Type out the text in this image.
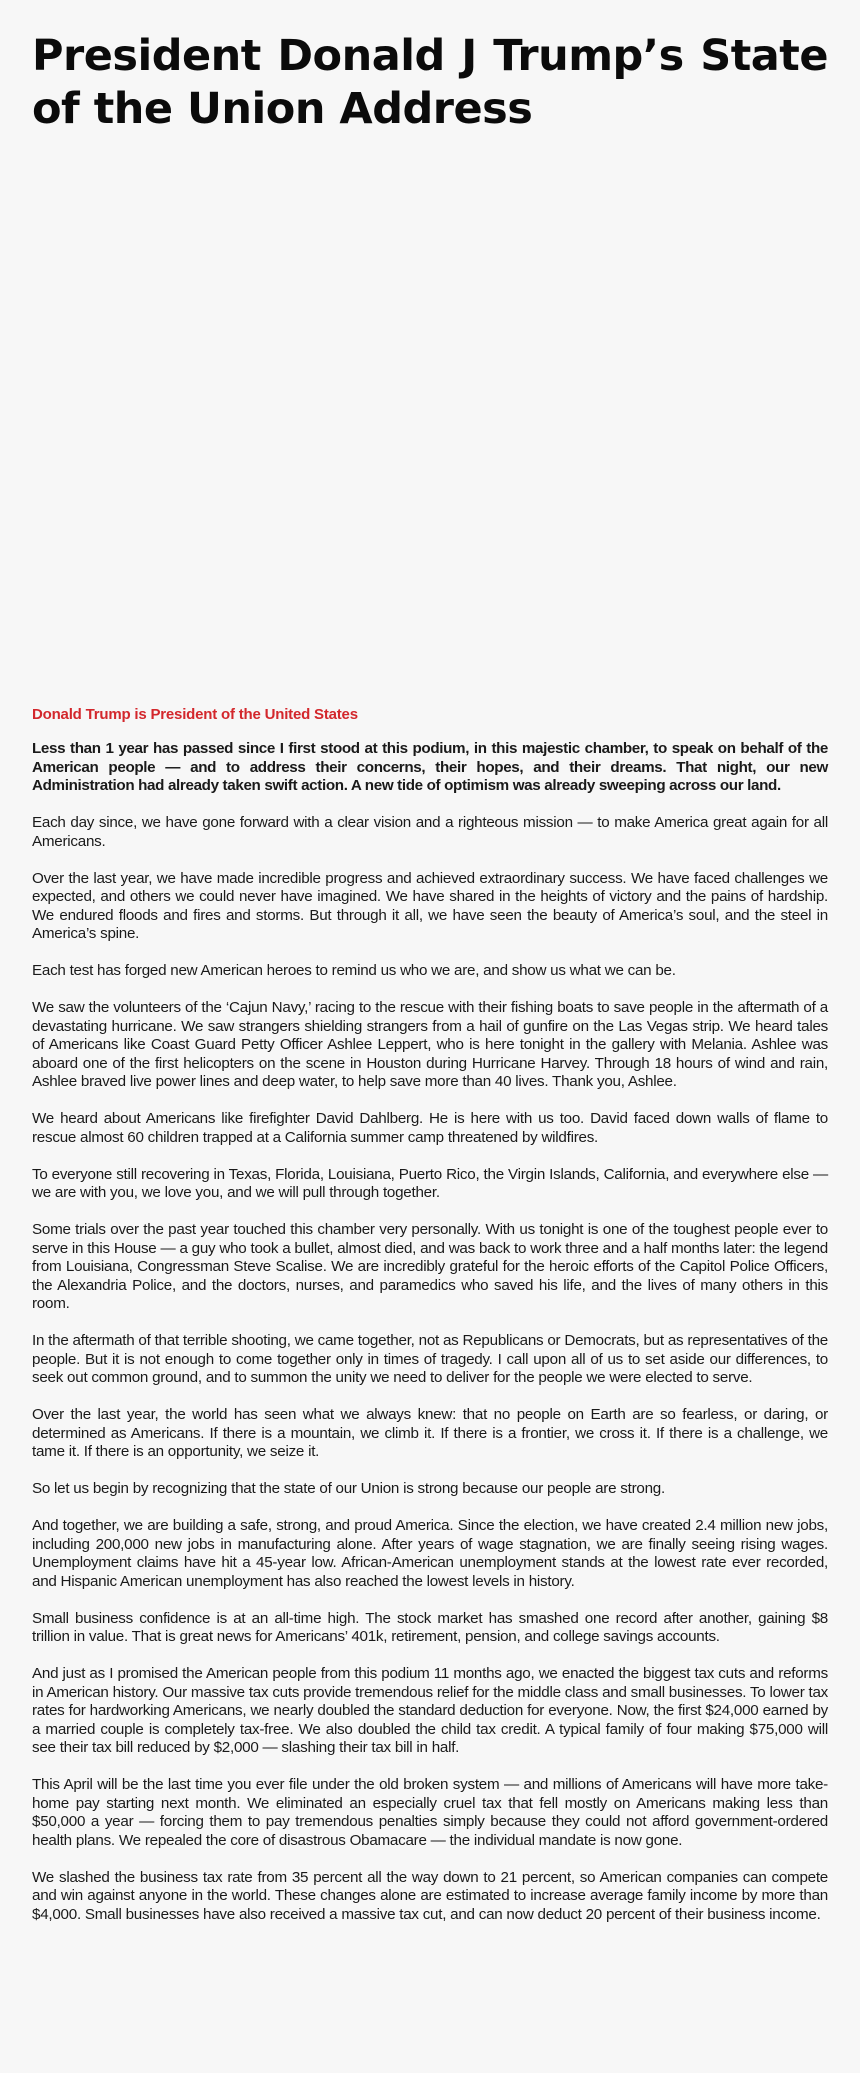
President Donald J Trump’s State of the Union Address
Donald Trump is President of the United States

Less than 1 year has passed since I first stood at this podium, in this majestic chamber, to speak on behalf of the American people — and to address their concerns, their hopes, and their dreams. That night, our new Administration had already taken swift action. A new tide of optimism was already sweeping across our land.

Each day since, we have gone forward with a clear vision and a righteous mission — to make America great again for all Americans.

Over the last year, we have made incredible progress and achieved extraordinary success. We have faced challenges we expected, and others we could never have imagined. We have shared in the heights of victory and the pains of hardship. We endured floods and fires and storms. But through it all, we have seen the beauty of America’s soul, and the steel in America’s spine.

Each test has forged new American heroes to remind us who we are, and show us what we can be.

We saw the volunteers of the ‘Cajun Navy,’ racing to the rescue with their fishing boats to save people in the aftermath of a devastating hurricane. We saw strangers shielding strangers from a hail of gunfire on the Las Vegas strip. We heard tales of Americans like Coast Guard Petty Officer Ashlee Leppert, who is here tonight in the gallery with Melania. Ashlee was aboard one of the first helicopters on the scene in Houston during Hurricane Harvey. Through 18 hours of wind and rain, Ashlee braved live power lines and deep water, to help save more than 40 lives. Thank you, Ashlee.

We heard about Americans like firefighter David Dahlberg. He is here with us too. David faced down walls of flame to rescue almost 60 children trapped at a California summer camp threatened by wildfires.

To everyone still recovering in Texas, Florida, Louisiana, Puerto Rico, the Virgin Islands, California, and everywhere else — we are with you, we love you, and we will pull through together.

Some trials over the past year touched this chamber very personally. With us tonight is one of the toughest people ever to serve in this House — a guy who took a bullet, almost died, and was back to work three and a half months later: the legend from Louisiana, Congressman Steve Scalise. We are incredibly grateful for the heroic efforts of the Capitol Police Officers, the Alexandria Police, and the doctors, nurses, and paramedics who saved his life, and the lives of many others in this room.

In the aftermath of that terrible shooting, we came together, not as Republicans or Democrats, but as representatives of the people. But it is not enough to come together only in times of tragedy. I call upon all of us to set aside our differences, to seek out common ground, and to summon the unity we need to deliver for the people we were elected to serve.

Over the last year, the world has seen what we always knew: that no people on Earth are so fearless, or daring, or determined as Americans. If there is a mountain, we climb it. If there is a frontier, we cross it. If there is a challenge, we tame it. If there is an opportunity, we seize it.

So let us begin by recognizing that the state of our Union is strong because our people are strong.

And together, we are building a safe, strong, and proud America. Since the election, we have created 2.4 million new jobs, including 200,000 new jobs in manufacturing alone. After years of wage stagnation, we are finally seeing rising wages. Unemployment claims have hit a 45-year low. African-American unemployment stands at the lowest rate ever recorded, and Hispanic American unemployment has also reached the lowest levels in history.

Small business confidence is at an all-time high. The stock market has smashed one record after another, gaining $8 trillion in value. That is great news for Americans’ 401k, retirement, pension, and college savings accounts.

And just as I promised the American people from this podium 11 months ago, we enacted the biggest tax cuts and reforms in American history. Our massive tax cuts provide tremendous relief for the middle class and small businesses. To lower tax rates for hardworking Americans, we nearly doubled the standard deduction for everyone. Now, the first $24,000 earned by a married couple is completely tax-free. We also doubled the child tax credit. A typical family of four making $75,000 will see their tax bill reduced by $2,000 — slashing their tax bill in half.

This April will be the last time you ever file under the old broken system — and millions of Americans will have more take-home pay starting next month. We eliminated an especially cruel tax that fell mostly on Americans making less than $50,000 a year — forcing them to pay tremendous penalties simply because they could not afford government-ordered health plans. We repealed the core of disastrous Obamacare — the individual mandate is now gone.

We slashed the business tax rate from 35 percent all the way down to 21 percent, so American companies can compete and win against anyone in the world. These changes alone are estimated to increase average family income by more than $4,000. Small businesses have also received a massive tax cut, and can now deduct 20 percent of their business income.
